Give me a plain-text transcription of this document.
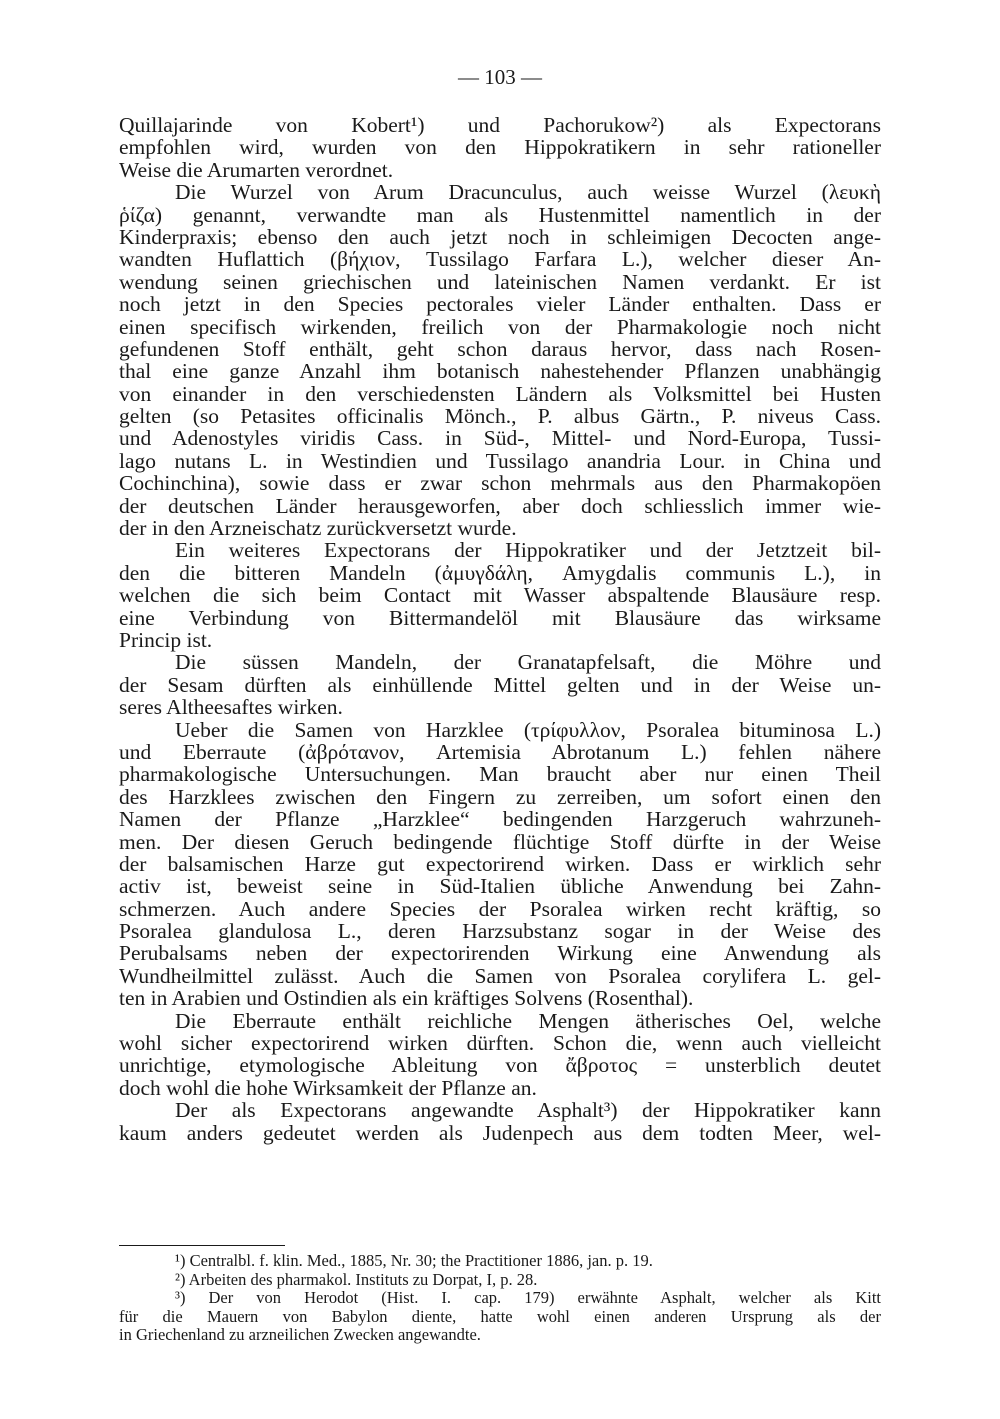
— 103 —
Quillajarinde von Kobert¹) und Pachorukow²) als Expectorans
empfohlen wird, wurden von den Hippokratikern in sehr rationeller
Weise die Arumarten verordnet.
Die Wurzel von Arum Dracunculus, auch weisse Wurzel (λευκὴ
ῥίζα) genannt, verwandte man als Hustenmittel namentlich in der
Kinderpraxis; ebenso den auch jetzt noch in schleimigen Decocten ange-
wandten Huflattich (βήχιον, Tussilago Farfara L.), welcher dieser An-
wendung seinen griechischen und lateinischen Namen verdankt. Er ist
noch jetzt in den Species pectorales vieler Länder enthalten. Dass er
einen specifisch wirkenden, freilich von der Pharmakologie noch nicht
gefundenen Stoff enthält, geht schon daraus hervor, dass nach Rosen-
thal eine ganze Anzahl ihm botanisch nahestehender Pflanzen unabhängig
von einander in den verschiedensten Ländern als Volksmittel bei Husten
gelten (so Petasites officinalis Mönch., P. albus Gärtn., P. niveus Cass.
und Adenostyles viridis Cass. in Süd-, Mittel- und Nord-Europa, Tussi-
lago nutans L. in Westindien und Tussilago anandria Lour. in China und
Cochinchina), sowie dass er zwar schon mehrmals aus den Pharmakopöen
der deutschen Länder herausgeworfen, aber doch schliesslich immer wie-
der in den Arzneischatz zurückversetzt wurde.
Ein weiteres Expectorans der Hippokratiker und der Jetztzeit bil-
den die bitteren Mandeln (ἀμυγδάλη, Amygdalis communis L.), in
welchen die sich beim Contact mit Wasser abspaltende Blausäure resp.
eine Verbindung von Bittermandelöl mit Blausäure das wirksame
Princip ist.
Die süssen Mandeln, der Granatapfelsaft, die Möhre und
der Sesam dürften als einhüllende Mittel gelten und in der Weise un-
seres Altheesaftes wirken.
Ueber die Samen von Harzklee (τρίφυλλον, Psoralea bituminosa L.)
und Eberraute (ἀβρότανον, Artemisia Abrotanum L.) fehlen nähere
pharmakologische Untersuchungen. Man braucht aber nur einen Theil
des Harzklees zwischen den Fingern zu zerreiben, um sofort einen den
Namen der Pflanze „Harzklee“ bedingenden Harzgeruch wahrzuneh-
men. Der diesen Geruch bedingende flüchtige Stoff dürfte in der Weise
der balsamischen Harze gut expectorirend wirken. Dass er wirklich sehr
activ ist, beweist seine in Süd-Italien übliche Anwendung bei Zahn-
schmerzen. Auch andere Species der Psoralea wirken recht kräftig, so
Psoralea glandulosa L., deren Harzsubstanz sogar in der Weise des
Perubalsams neben der expectorirenden Wirkung eine Anwendung als
Wundheilmittel zulässt. Auch die Samen von Psoralea corylifera L. gel-
ten in Arabien und Ostindien als ein kräftiges Solvens (Rosenthal).
Die Eberraute enthält reichliche Mengen ätherisches Oel, welche
wohl sicher expectorirend wirken dürften. Schon die, wenn auch vielleicht
unrichtige, etymologische Ableitung von ἄβροτος = unsterblich deutet
doch wohl die hohe Wirksamkeit der Pflanze an.
Der als Expectorans angewandte Asphalt³) der Hippokratiker kann
kaum anders gedeutet werden als Judenpech aus dem todten Meer, wel-
¹) Centralbl. f. klin. Med., 1885, Nr. 30; the Practitioner 1886, jan. p. 19.
²) Arbeiten des pharmakol. Instituts zu Dorpat, I, p. 28.
³) Der von Herodot (Hist. I. cap. 179) erwähnte Asphalt, welcher als Kitt
für die Mauern von Babylon diente, hatte wohl einen anderen Ursprung als der
in Griechenland zu arzneilichen Zwecken angewandte.
